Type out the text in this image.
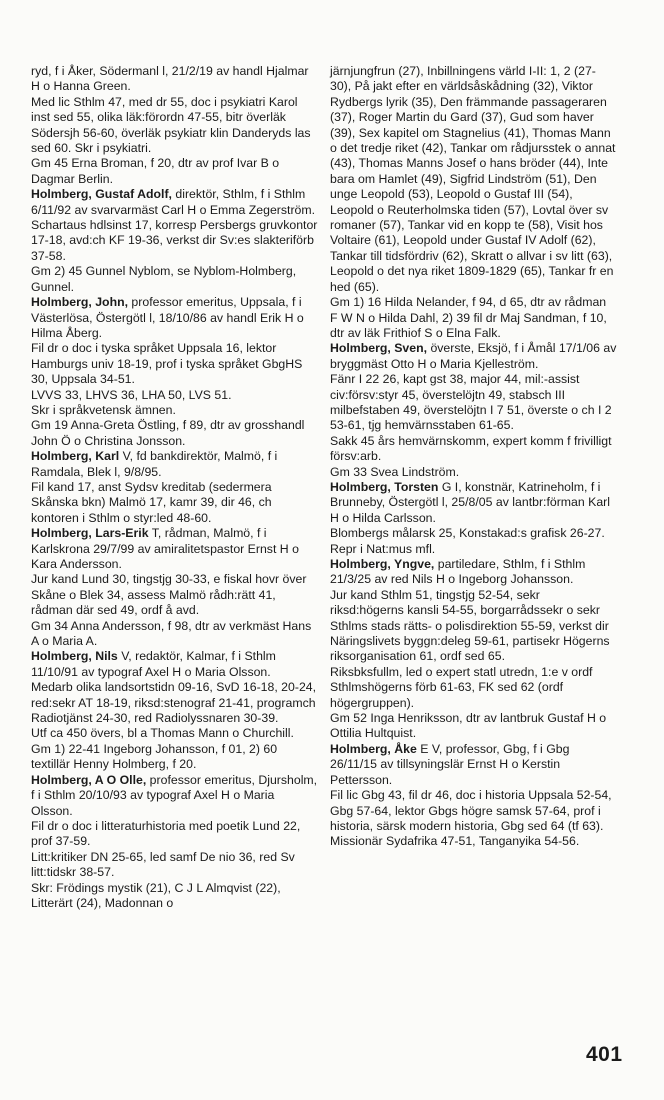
ryd, f i Åker, Södermanl l, 21/2/19 av handl Hjalmar H o Hanna Green.

Med lic Sthlm 47, med dr 55, doc i psykiatri Karol inst sed 55, olika läk:förordn 47-55, bitr överläk Södersjh 56-60, överläk psykiatr klin Danderyds las sed 60. Skr i psykiatri.

Gm 45 Erna Broman, f 20, dtr av prof Ivar B o Dagmar Berlin.

Holmberg, Gustaf Adolf, direktör, Sthlm, f i Sthlm 6/11/92 av svarvarmäst Carl H o Emma Zegerström.

Schartaus hdlsinst 17, korresp Persbergs gruvkontor 17-18, avd:ch KF 19-36, verkst dir Sv:es slakteriförb 37-58.

Gm 2) 45 Gunnel Nyblom, se Nyblom-Holmberg, Gunnel.

Holmberg, John, professor emeritus, Uppsala, f i Västerlösa, Östergötl l, 18/10/86 av handl Erik H o Hilma Åberg.

Fil dr o doc i tyska språket Uppsala 16, lektor Hamburgs univ 18-19, prof i tyska språket GbgHS 30, Uppsala 34-51.

LVVS 33, LHVS 36, LHA 50, LVS 51.

Skr i språkvetensk ämnen.

Gm 19 Anna-Greta Östling, f 89, dtr av grosshandl John Ö o Christina Jonsson.

Holmberg, Karl V, fd bankdirektör, Malmö, f i Ramdala, Blek l, 9/8/95.

Fil kand 17, anst Sydsv kreditab (sedermera Skånska bkn) Malmö 17, kamr 39, dir 46, ch kontoren i Sthlm o styr:led 48-60.

Holmberg, Lars-Erik T, rådman, Malmö, f i Karlskrona 29/7/99 av amiralitetspastor Ernst H o Kara Andersson.

Jur kand Lund 30, tingstjg 30-33, e fiskal hovr över Skåne o Blek 34, assess Malmö rådh:rätt 41, rådman där sed 49, ordf å avd.

Gm 34 Anna Andersson, f 98, dtr av verkmäst Hans A o Maria A.

Holmberg, Nils V, redaktör, Kalmar, f i Sthlm 11/10/91 av typograf Axel H o Maria Olsson.

Medarb olika landsortstidn 09-16, SvD 16-18, 20-24, red:sekr AT 18-19, riksd:stenograf 21-41, programch Radiotjänst 24-30, red Radiolyssnaren 30-39.

Utf ca 450 övers, bl a Thomas Mann o Churchill.

Gm 1) 22-41 Ingeborg Johansson, f 01, 2) 60 textillär Henny Holmberg, f 20.

Holmberg, A O Olle, professor emeritus, Djursholm, f i Sthlm 20/10/93 av typograf Axel H o Maria Olsson.

Fil dr o doc i litteraturhistoria med poetik Lund 22, prof 37-59.

Litt:kritiker DN 25-65, led samf De nio 36, red Sv litt:tidskr 38-57.

Skr: Frödings mystik (21), C J L Almqvist (22), Litterärt (24), Madonnan o

järnjungfrun (27), Inbillningens värld I-II: 1, 2 (27-30), På jakt efter en världsåskådning (32), Viktor Rydbergs lyrik (35), Den främmande passageraren (37), Roger Martin du Gard (37), Gud som haver (39), Sex kapitel om Stagnelius (41), Thomas Mann o det tredje riket (42), Tankar om rådjursstek o annat (43), Thomas Manns Josef o hans bröder (44), Inte bara om Hamlet (49), Sigfrid Lindström (51), Den unge Leopold (53), Leopold o Gustaf III (54), Leopold o Reuterholmska tiden (57), Lovtal över sv romaner (57), Tankar vid en kopp te (58), Visit hos Voltaire (61), Leopold under Gustaf IV Adolf (62), Tankar till tidsfördriv (62), Skratt o allvar i sv litt (63), Leopold o det nya riket 1809-1829 (65), Tankar fr en hed (65).

Gm 1) 16 Hilda Nelander, f 94, d 65, dtr av rådman F W N o Hilda Dahl, 2) 39 fil dr Maj Sandman, f 10, dtr av läk Frithiof S o Elna Falk.

Holmberg, Sven, överste, Eksjö, f i Åmål 17/1/06 av bryggmäst Otto H o Maria Kjelleström.

Fänr I 22 26, kapt gst 38, major 44, mil:-assist civ:försv:styr 45, överstelöjtn 49, stabsch III milbefstaben 49, överstelöjtn I 7 51, överste o ch I 2 53-61, tjg hemvärnsstaben 61-65.

Sakk 45 års hemvärnskomm, expert komm f frivilligt försv:arb.

Gm 33 Svea Lindström.

Holmberg, Torsten G I, konstnär, Katrineholm, f i Brunneby, Östergötl l, 25/8/05 av lantbr:förman Karl H o Hilda Carlsson.

Blombergs målarsk 25, Konstakad:s grafisk 26-27.

Repr i Nat:mus mfl.

Holmberg, Yngve, partiledare, Sthlm, f i Sthlm 21/3/25 av red Nils H o Ingeborg Johansson.

Jur kand Sthlm 51, tingstjg 52-54, sekr riksd:högerns kansli 54-55, borgarrådssekr o sekr Sthlms stads rätts- o polisdirektion 55-59, verkst dir Näringslivets byggn:deleg 59-61, partisekr Högerns riksorganisation 61, ordf sed 65.

Riksbksfullm, led o expert statl utredn, 1:e v ordf Sthlmshögerns förb 61-63, FK sed 62 (ordf högergruppen).

Gm 52 Inga Henriksson, dtr av lantbruk Gustaf H o Ottilia Hultquist.

Holmberg, Åke E V, professor, Gbg, f i Gbg 26/11/15 av tillsyningslär Ernst H o Kerstin Pettersson.

Fil lic Gbg 43, fil dr 46, doc i historia Uppsala 52-54, Gbg 57-64, lektor Gbgs högre samsk 57-64, prof i historia, särsk modern historia, Gbg sed 64 (tf 63).

Missionär Sydafrika 47-51, Tanganyika 54-56.

401
